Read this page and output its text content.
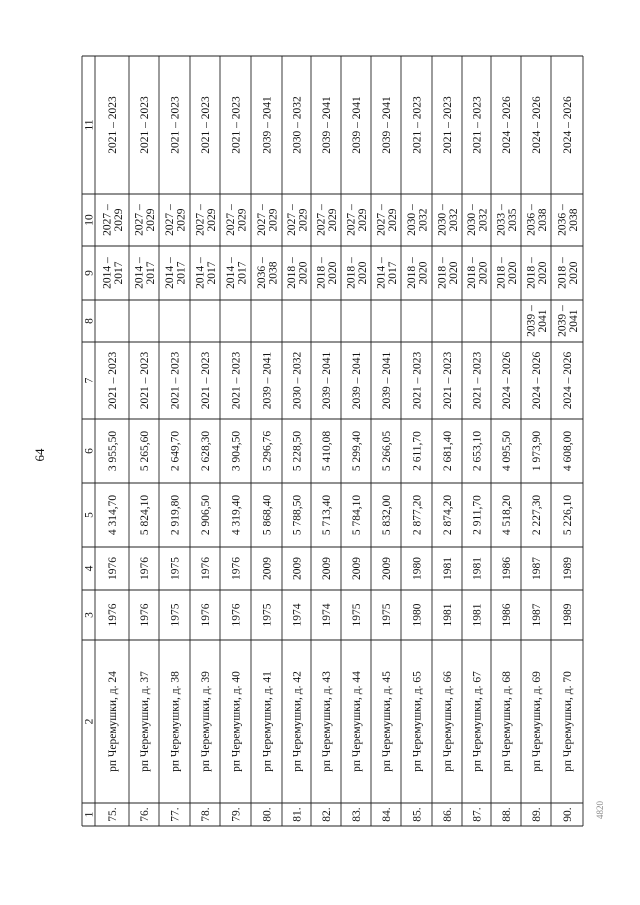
64
1
2
3
4
5
6
7
8
9
10
11
75.
рп Черемушки, д. 24
1976
1976
4 314,70
3 955,50
2021 – 2023
2014 – 2017
2027 – 2029
2021 – 2023
76.
рп Черемушки, д. 37
1976
1976
5 824,10
5 265,60
2021 – 2023
2014 – 2017
2027 – 2029
2021 – 2023
77.
рп Черемушки, д. 38
1975
1975
2 919,80
2 649,70
2021 – 2023
2014 – 2017
2027 – 2029
2021 – 2023
78.
рп Черемушки, д. 39
1976
1976
2 906,50
2 628,30
2021 – 2023
2014 – 2017
2027 – 2029
2021 – 2023
79.
рп Черемушки, д. 40
1976
1976
4 319,40
3 904,50
2021 – 2023
2014 – 2017
2027 – 2029
2021 – 2023
80.
рп Черемушки, д. 41
1975
2009
5 868,40
5 296,76
2039 – 2041
2036 – 2038
2027 – 2029
2039 – 2041
81.
рп Черемушки, д. 42
1974
2009
5 788,50
5 228,50
2030 – 2032
2018 – 2020
2027 – 2029
2030 – 2032
82.
рп Черемушки, д. 43
1974
2009
5 713,40
5 410,08
2039 – 2041
2018 – 2020
2027 – 2029
2039 – 2041
83.
рп Черемушки, д. 44
1975
2009
5 784,10
5 299,40
2039 – 2041
2018 – 2020
2027 – 2029
2039 – 2041
84.
рп Черемушки, д. 45
1975
2009
5 832,00
5 266,05
2039 – 2041
2014 – 2017
2027 – 2029
2039 – 2041
85.
рп Черемушки, д. 65
1980
1980
2 877,20
2 611,70
2021 – 2023
2018 – 2020
2030 – 2032
2021 – 2023
86.
рп Черемушки, д. 66
1981
1981
2 874,20
2 681,40
2021 – 2023
2018 – 2020
2030 – 2032
2021 – 2023
87.
рп Черемушки, д. 67
1981
1981
2 911,70
2 653,10
2021 – 2023
2018 – 2020
2030 – 2032
2021 – 2023
88.
рп Черемушки, д. 68
1986
1986
4 518,20
4 095,50
2024 – 2026
2018 – 2020
2033 – 2035
2024 – 2026
89.
рп Черемушки, д. 69
1987
1987
2 227,30
1 973,90
2024 – 2026
2039 – 2041
2018 – 2020
2036 – 2038
2024 – 2026
90.
рп Черемушки, д. 70
1989
1989
5 226,10
4 608,00
2024 – 2026
2039 – 2041
2018 – 2020
2036 – 2038
2024 – 2026
4820
